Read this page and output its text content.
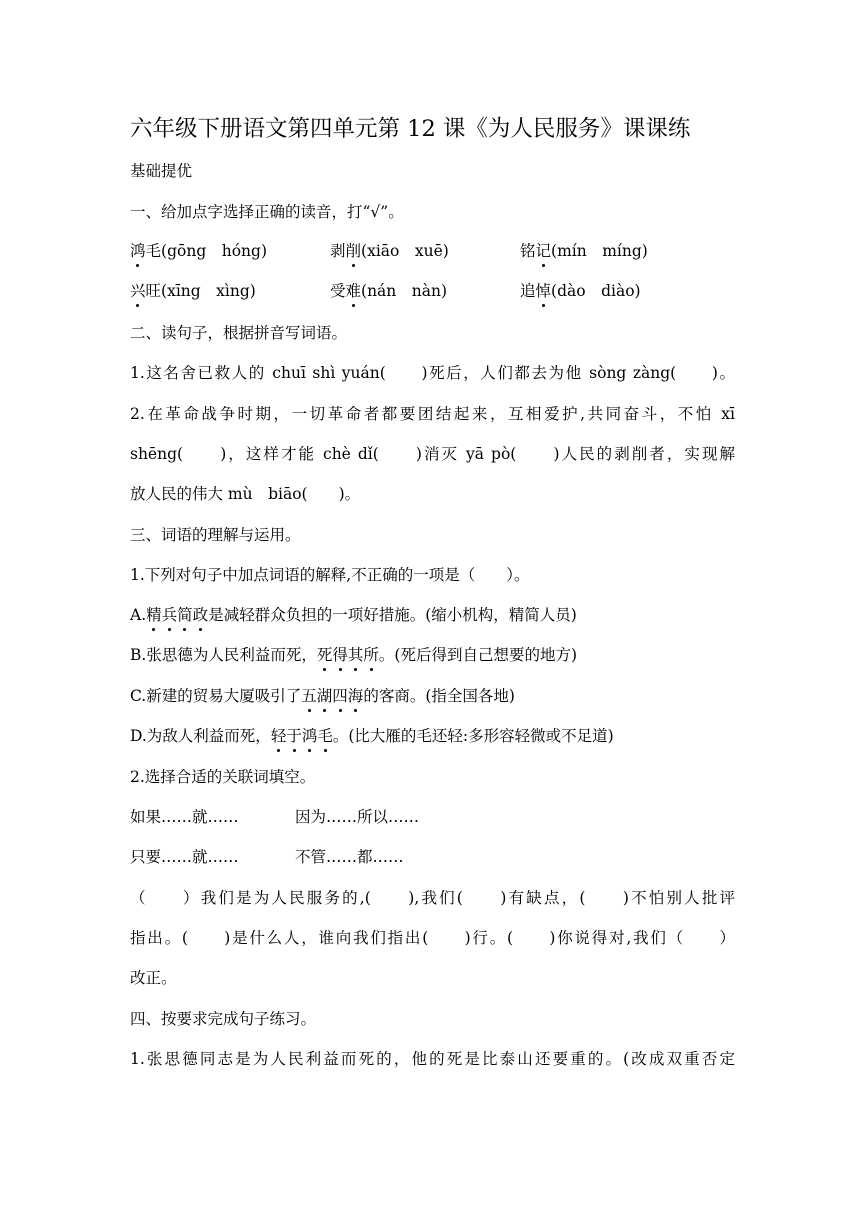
六年级下册语文第四单元第 12 课《为人民服务》课课练
基础提优
一、给加点字选择正确的读音，打“√”。
鸿毛(gōng　hóng)	剥削(xiāo　xuē)	铭记(mín　míng)
兴旺(xīng　xìng)	受难(nán　nàn)	追悼(dào　diào)
二、读句子，根据拼音写词语。
1.这名舍已救人的 chuī shì yuán(　　)死后，人们都去为他 sòng zàng(　　)。
2.在革命战争时期，一切革命者都要团结起来，互相爱护,共同奋斗，不怕 xī
shēng(　　)，这样才能 chè dǐ(　　)消灭 yā pò(　　)人民的剥削者，实现解
放人民的伟大 mù　biāo(　　)。
三、词语的理解与运用。
1.下列对句子中加点词语的解释,不正确的一项是（　　）。
A.精兵简政是减轻群众负担的一项好措施。(缩小机构，精简人员)
B.张思德为人民利益而死，死得其所。(死后得到自己想要的地方)
C.新建的贸易大厦吸引了五湖四海的客商。(指全国各地)
D.为敌人利益而死，轻于鸿毛。(比大雁的毛还轻:多形容轻微或不足道)
2.选择合适的关联词填空。
如果……就……	因为……所以……
只要……就……	不管……都……
（　　）我们是为人民服务的,(　　),我们(　　)有缺点，(　　)不怕别人批评
指出。(　　)是什么人，谁向我们指出(　　)行。(　　)你说得对,我们（　　）
改正。
四、按要求完成句子练习。
1.张思德同志是为人民利益而死的，他的死是比泰山还要重的。(改成双重否定
